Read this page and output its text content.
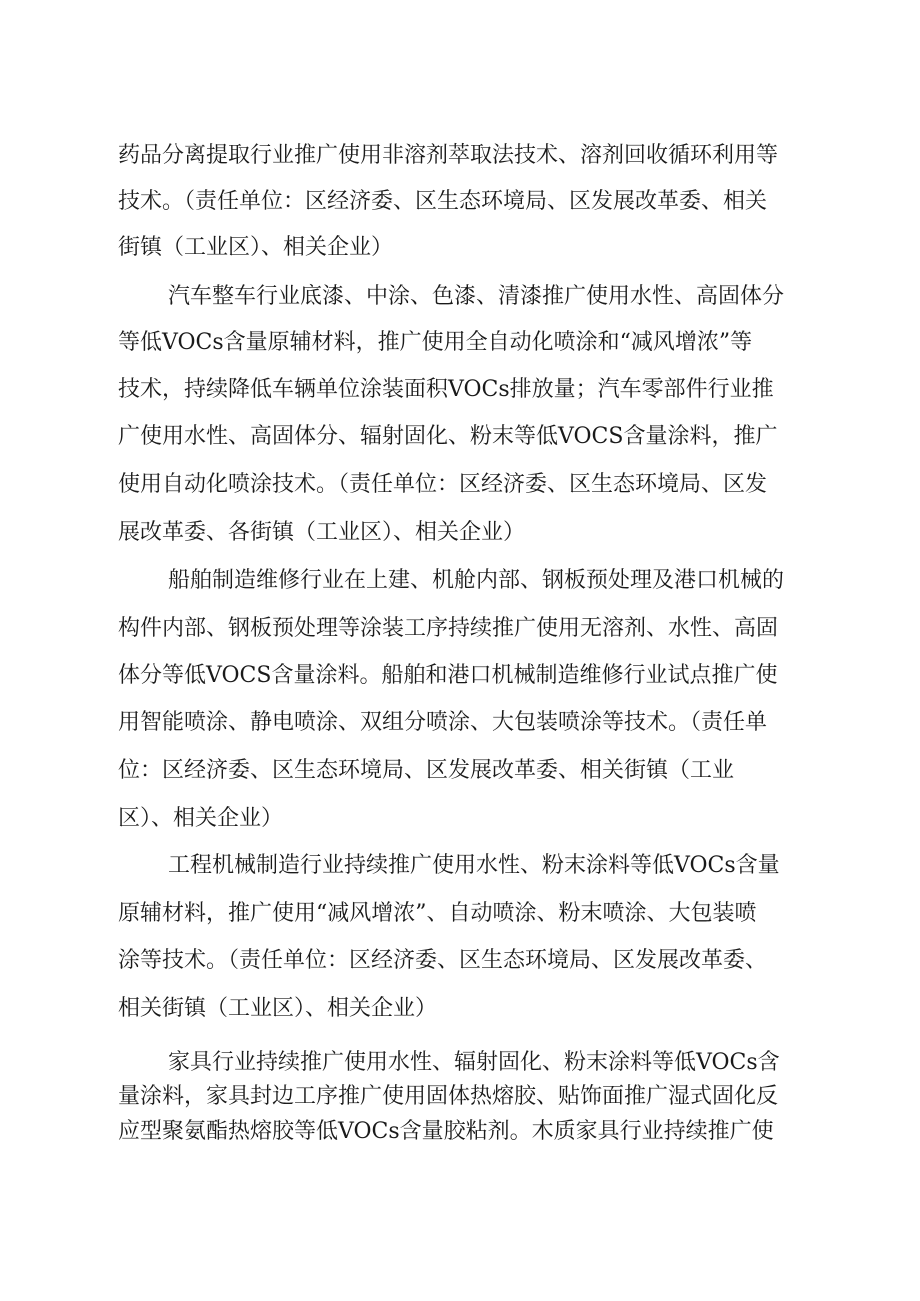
药品分离提取行业推广使用非溶剂萃取法技术、溶剂回收循环利用等

技术。（责任单位：区经济委、区生态环境局、区发展改革委、相关

街镇（工业区）、相关企业）

汽车整车行业底漆、中涂、色漆、清漆推广使用水性、高固体分

等低VOCs含量原辅材料，推广使用全自动化喷涂和“减风增浓”等

技术，持续降低车辆单位涂装面积VOCs排放量；汽车零部件行业推

广使用水性、高固体分、辐射固化、粉末等低VOCS含量涂料，推广

使用自动化喷涂技术。（责任单位：区经济委、区生态环境局、区发

展改革委、各街镇（工业区）、相关企业）

船舶制造维修行业在上建、机舱内部、钢板预处理及港口机械的

构件内部、钢板预处理等涂装工序持续推广使用无溶剂、水性、高固

体分等低VOCS含量涂料。船舶和港口机械制造维修行业试点推广使

用智能喷涂、静电喷涂、双组分喷涂、大包装喷涂等技术。（责任单

位：区经济委、区生态环境局、区发展改革委、相关街镇（工业

区）、相关企业）

工程机械制造行业持续推广使用水性、粉末涂料等低VOCs含量

原辅材料，推广使用“减风增浓”、自动喷涂、粉末喷涂、大包装喷

涂等技术。（责任单位：区经济委、区生态环境局、区发展改革委、

相关街镇（工业区）、相关企业）

家具行业持续推广使用水性、辐射固化、粉末涂料等低VOCs含

量涂料，家具封边工序推广使用固体热熔胶、贴饰面推广湿式固化反

应型聚氨酯热熔胶等低VOCs含量胶粘剂。木质家具行业持续推广使
